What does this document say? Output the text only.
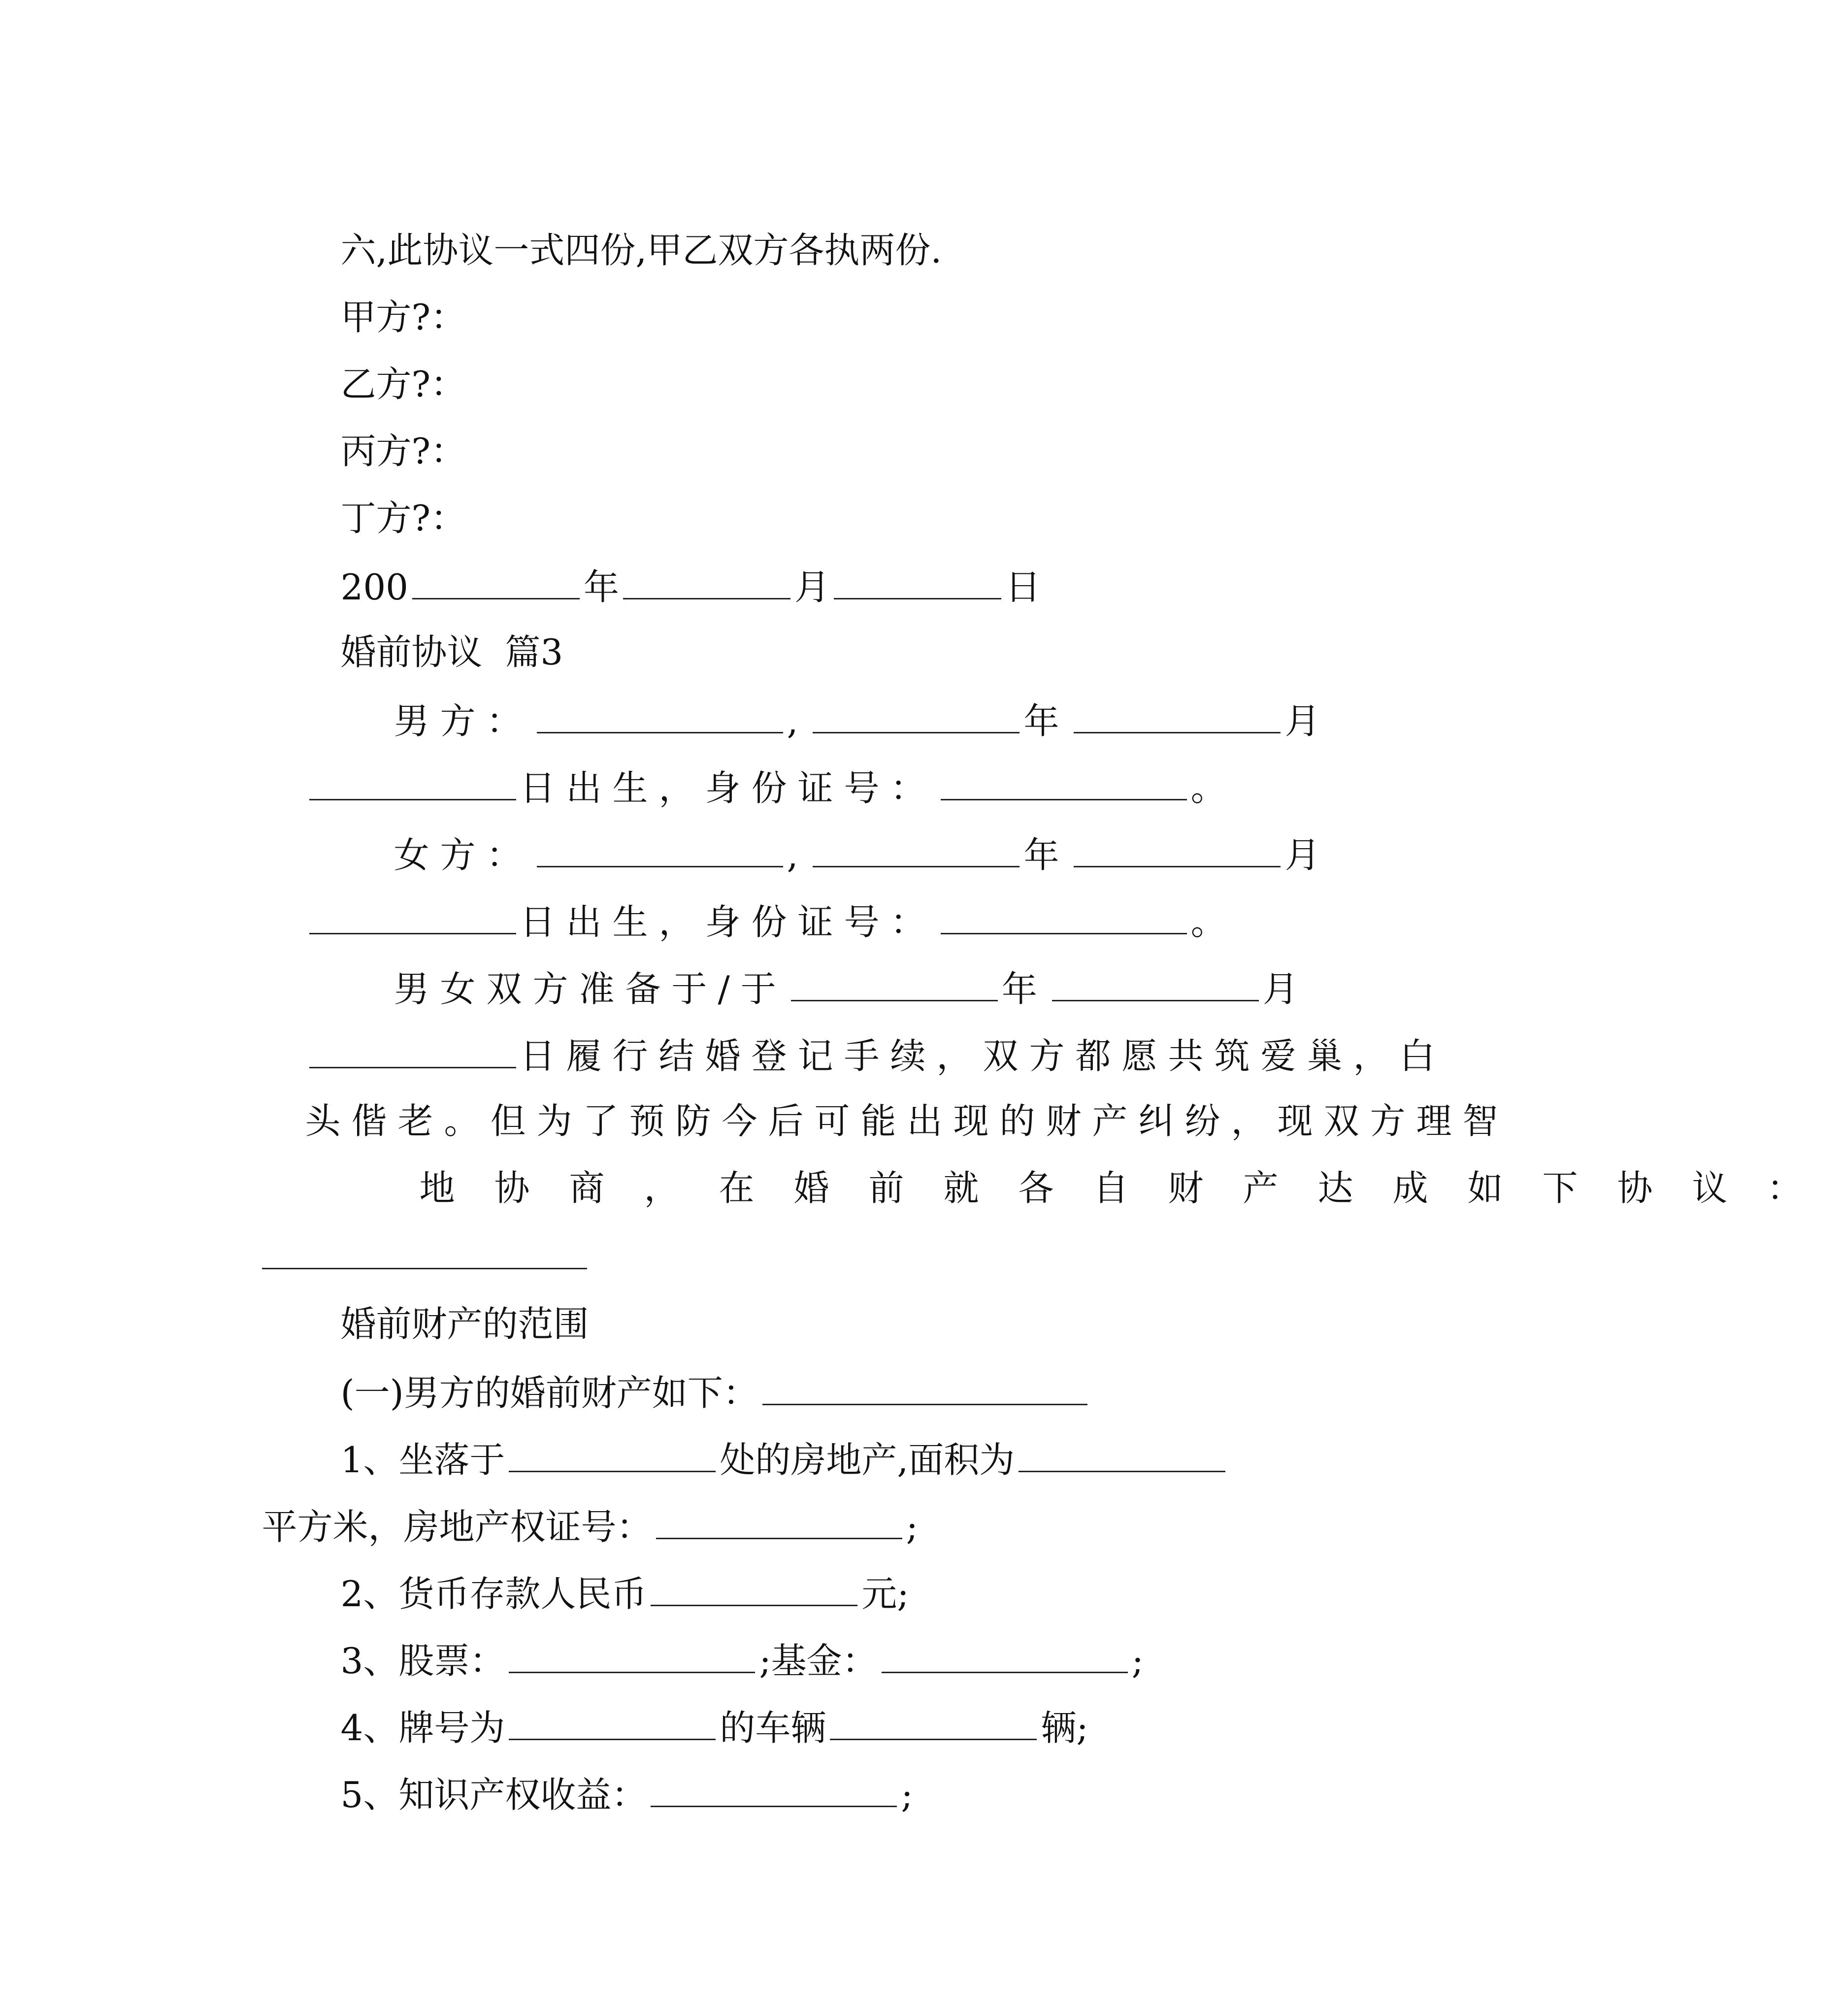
六,此协议一式四份,甲乙双方各执两份.

甲方?：

乙方?：

丙方?：

丁方?：

200	年	月	日

婚前协议  篇3

男方：	,	年	月

日出生，身份证号：	。

女方：	,	年	月

日出生，身份证号：	。

男女双方准备于/于	年	月

日履行结婚登记手续，双方都愿共筑爱巢，白

头偕老。但为了预防今后可能出现的财产纠纷，现双方理智

地协商，在婚前就各自财产达成如下协议：

婚前财产的范围

(一)男方的婚前财产如下：

1、坐落于	处的房地产,面积为

平方米，房地产权证号：	;

2、货币存款人民币	元;

3、股票：	;基金：	;

4、牌号为	的车辆	辆;

5、知识产权收益：	;
